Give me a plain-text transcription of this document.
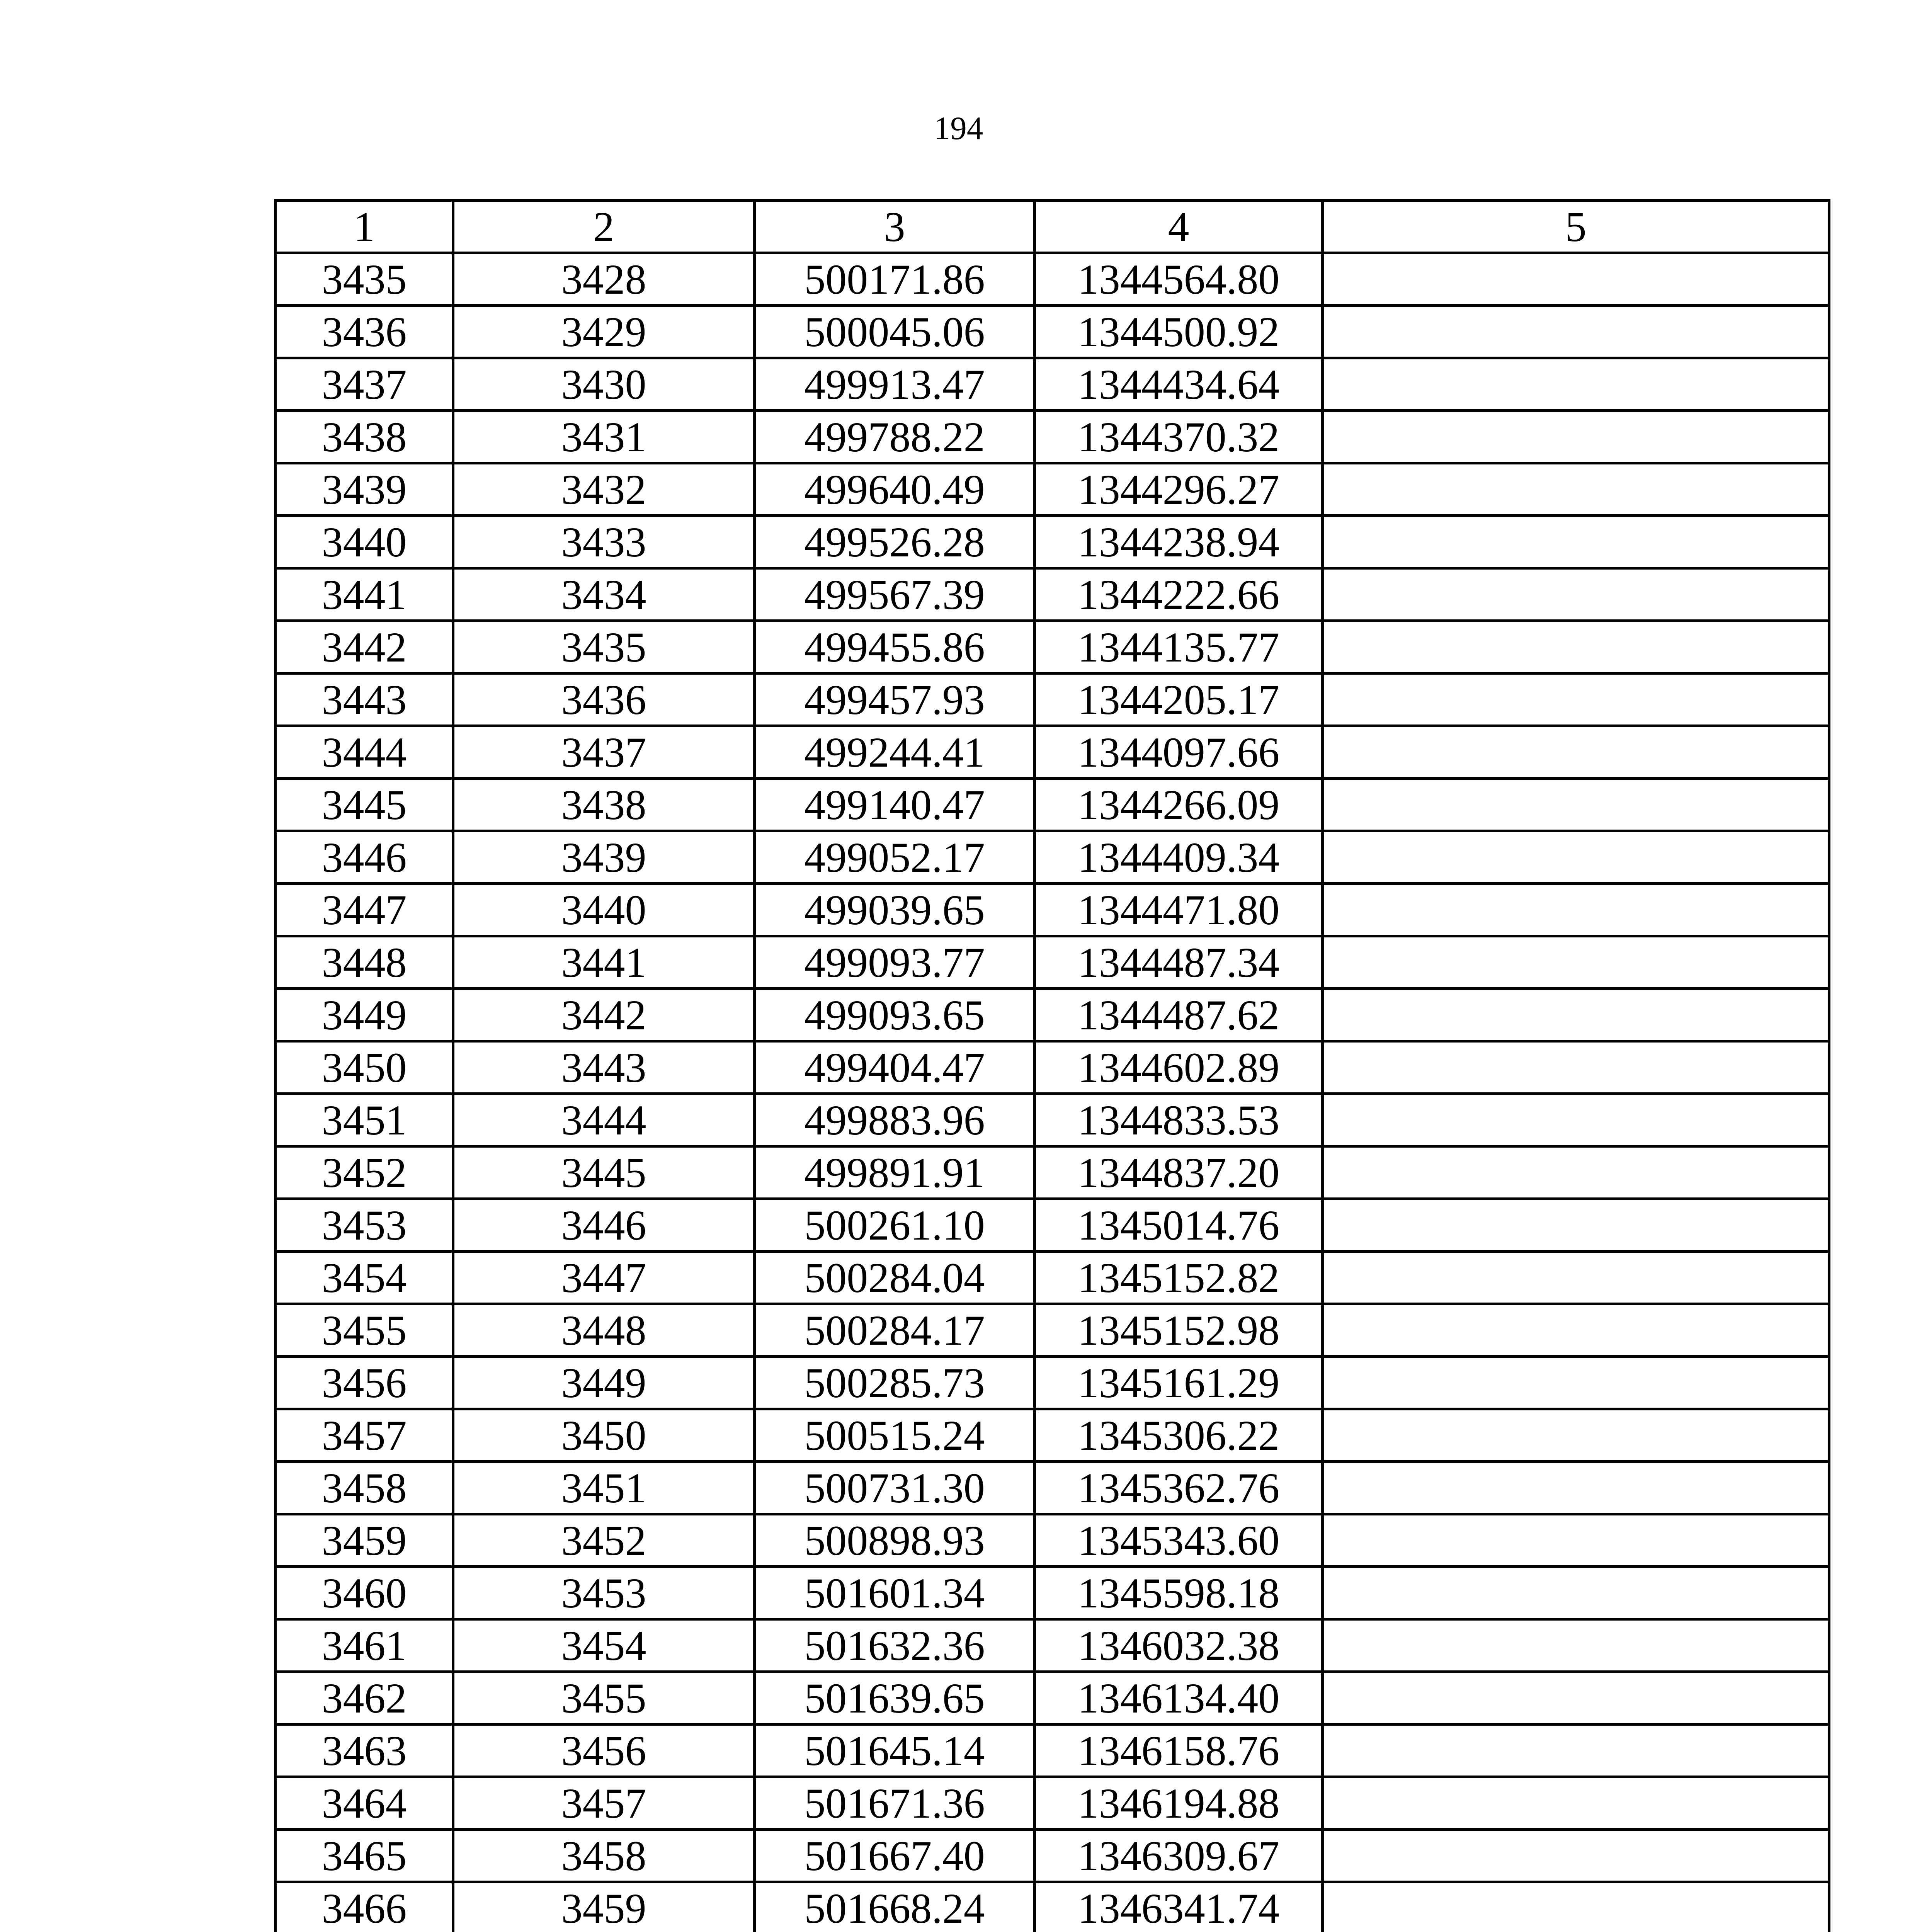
194
1	2	3	4	5
3435	3428	500171.86	1344564.80	
3436	3429	500045.06	1344500.92	
3437	3430	499913.47	1344434.64	
3438	3431	499788.22	1344370.32	
3439	3432	499640.49	1344296.27	
3440	3433	499526.28	1344238.94	
3441	3434	499567.39	1344222.66	
3442	3435	499455.86	1344135.77	
3443	3436	499457.93	1344205.17	
3444	3437	499244.41	1344097.66	
3445	3438	499140.47	1344266.09	
3446	3439	499052.17	1344409.34	
3447	3440	499039.65	1344471.80	
3448	3441	499093.77	1344487.34	
3449	3442	499093.65	1344487.62	
3450	3443	499404.47	1344602.89	
3451	3444	499883.96	1344833.53	
3452	3445	499891.91	1344837.20	
3453	3446	500261.10	1345014.76	
3454	3447	500284.04	1345152.82	
3455	3448	500284.17	1345152.98	
3456	3449	500285.73	1345161.29	
3457	3450	500515.24	1345306.22	
3458	3451	500731.30	1345362.76	
3459	3452	500898.93	1345343.60	
3460	3453	501601.34	1345598.18	
3461	3454	501632.36	1346032.38	
3462	3455	501639.65	1346134.40	
3463	3456	501645.14	1346158.76	
3464	3457	501671.36	1346194.88	
3465	3458	501667.40	1346309.67	
3466	3459	501668.24	1346341.74	
